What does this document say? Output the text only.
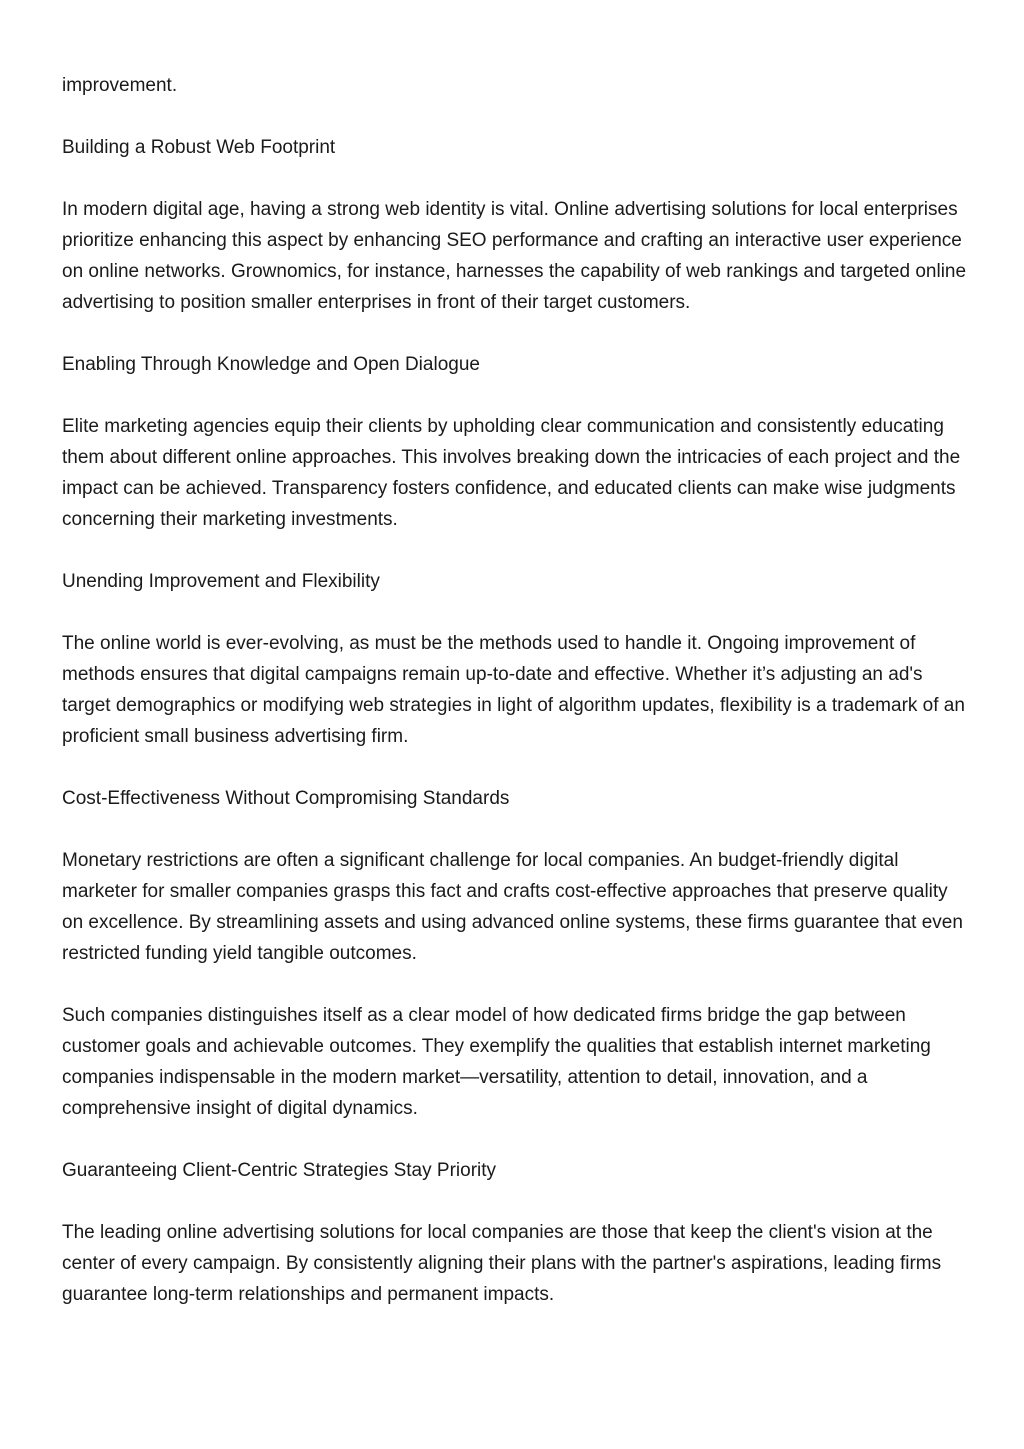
improvement.

Building a Robust Web Footprint

In modern digital age, having a strong web identity is vital. Online advertising solutions for local enterprises prioritize enhancing this aspect by enhancing SEO performance and crafting an interactive user experience on online networks. Grownomics, for instance, harnesses the capability of web rankings and targeted online advertising to position smaller enterprises in front of their target customers.

Enabling Through Knowledge and Open Dialogue

Elite marketing agencies equip their clients by upholding clear communication and consistently educating them about different online approaches. This involves breaking down the intricacies of each project and the impact can be achieved. Transparency fosters confidence, and educated clients can make wise judgments concerning their marketing investments.

Unending Improvement and Flexibility

The online world is ever-evolving, as must be the methods used to handle it. Ongoing improvement of methods ensures that digital campaigns remain up-to-date and effective. Whether it’s adjusting an ad's target demographics or modifying web strategies in light of algorithm updates, flexibility is a trademark of an proficient small business advertising firm.

Cost-Effectiveness Without Compromising Standards

Monetary restrictions are often a significant challenge for local companies. An budget-friendly digital marketer for smaller companies grasps this fact and crafts cost-effective approaches that preserve quality on excellence. By streamlining assets and using advanced online systems, these firms guarantee that even restricted funding yield tangible outcomes.

Such companies distinguishes itself as a clear model of how dedicated firms bridge the gap between customer goals and achievable outcomes. They exemplify the qualities that establish internet marketing companies indispensable in the modern market—versatility, attention to detail, innovation, and a comprehensive insight of digital dynamics.

Guaranteeing Client-Centric Strategies Stay Priority

The leading online advertising solutions for local companies are those that keep the client's vision at the center of every campaign. By consistently aligning their plans with the partner's aspirations, leading firms guarantee long-term relationships and permanent impacts.
